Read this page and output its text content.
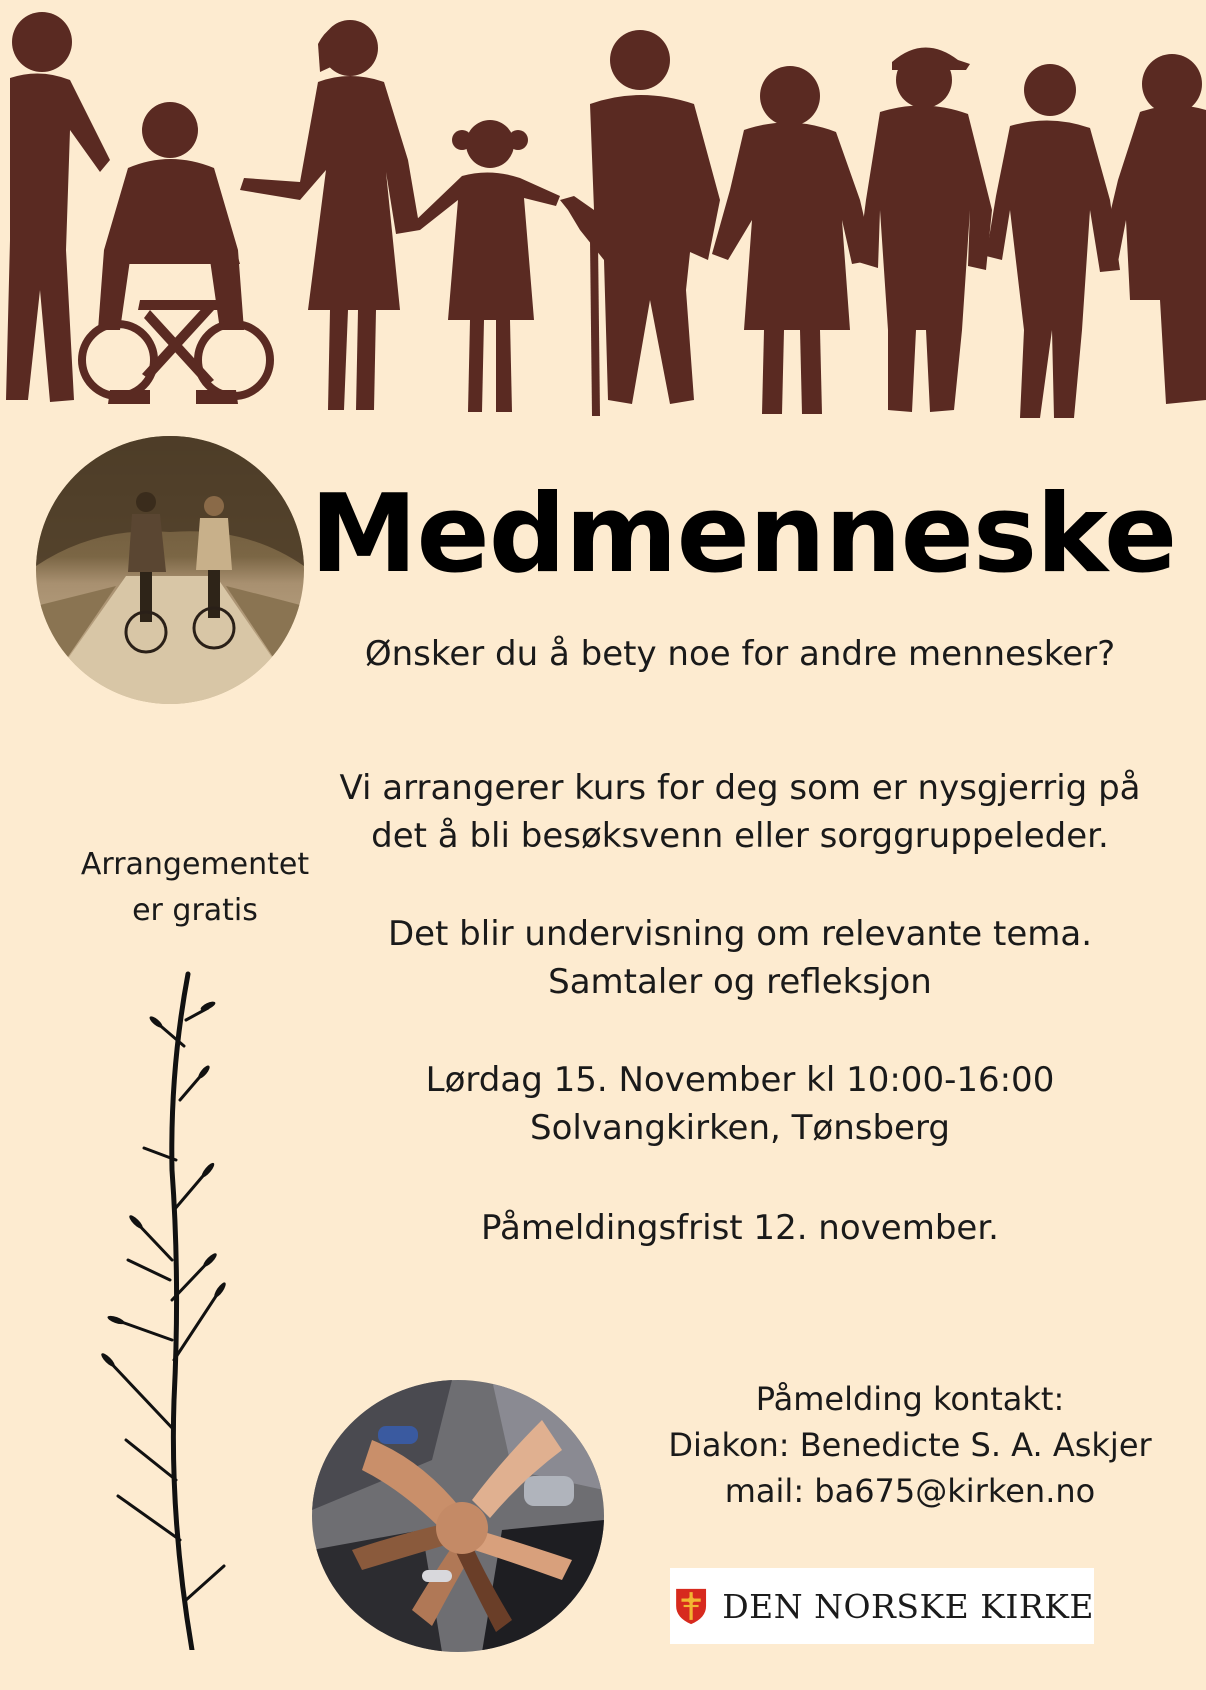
Medmenneske
Ønsker du å bety noe for andre mennesker?
Vi arrangerer kurs for deg som er nysgjerrig på
det å bli besøksvenn eller sorggruppeleder.
Det blir undervisning om relevante tema.
Samtaler og refleksjon
Lørdag 15. November kl 10:00-16:00
Solvangkirken, Tønsberg
Påmeldingsfrist 12. november.
Arrangementet
er gratis
Påmelding kontakt:
Diakon: Benedicte S. A. Askjer
mail: ba675@kirken.no
DEN NORSKE KIRKE
